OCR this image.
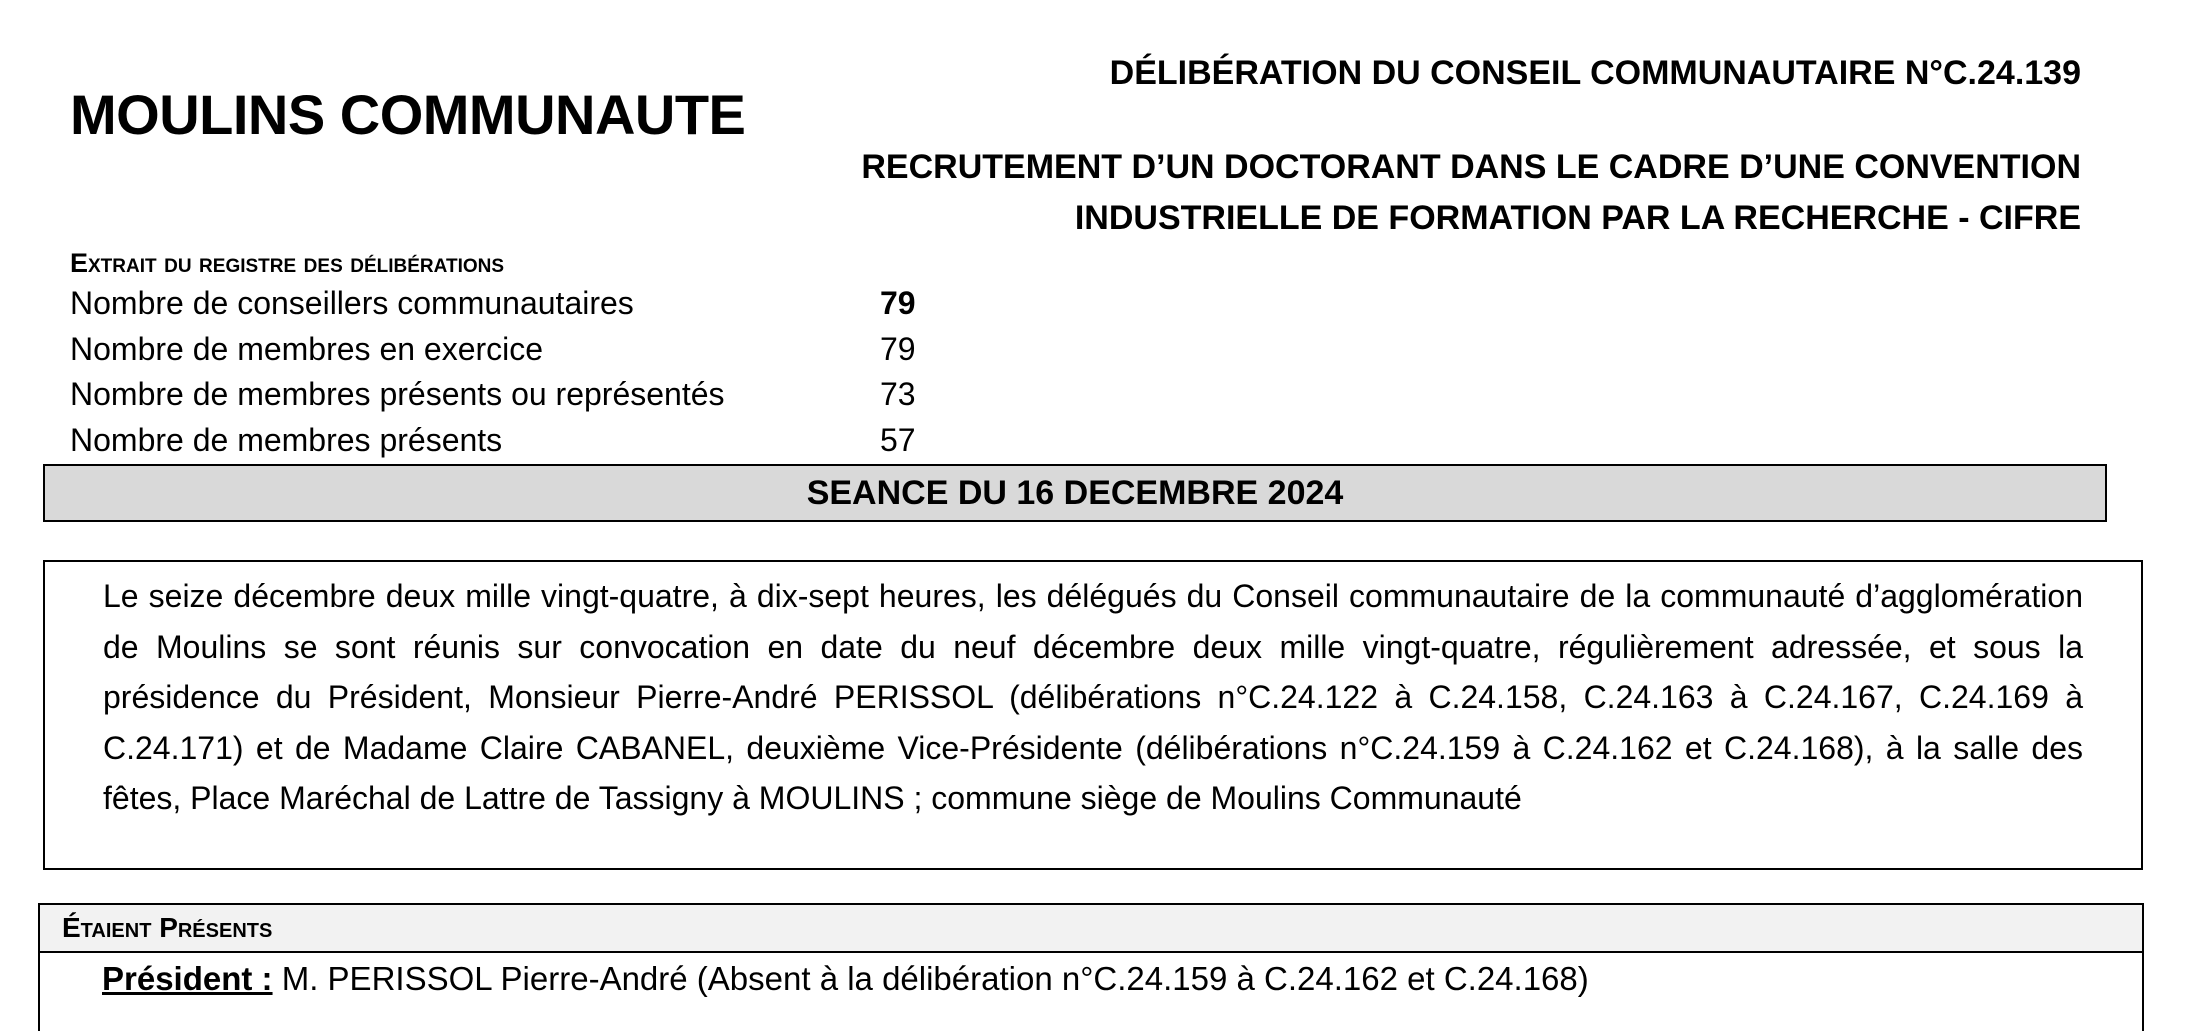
MOULINS COMMUNAUTE
DÉLIBÉRATION DU CONSEIL COMMUNAUTAIRE N°C.24.139
RECRUTEMENT D’UN DOCTORANT DANS LE CADRE D’UNE CONVENTION
INDUSTRIELLE DE FORMATION PAR LA RECHERCHE - CIFRE
Extrait du registre des délibérations
Nombre de conseillers communautaires	79
Nombre de membres en exercice	79
Nombre de membres présents ou représentés	73
Nombre de membres présents	57
SEANCE DU 16 DECEMBRE 2024

Le seize décembre deux mille vingt-quatre, à dix-sept heures, les délégués du Conseil communautaire de la communauté d’agglomération de Moulins se sont réunis sur convocation en date du neuf décembre deux mille vingt-quatre, régulièrement adressée, et sous la présidence du Président, Monsieur Pierre-André PERISSOL (délibérations n°C.24.122 à C.24.158, C.24.163 à C.24.167, C.24.169 à C.24.171) et de Madame Claire CABANEL, deuxième Vice-Présidente (délibérations n°C.24.159 à C.24.162 et C.24.168), à la salle des fêtes, Place Maréchal de Lattre de Tassigny à MOULINS ; commune siège de Moulins Communauté

Étaient Présents
Président : M. PERISSOL Pierre-André (Absent à la délibération n°C.24.159 à C.24.162 et C.24.168)
